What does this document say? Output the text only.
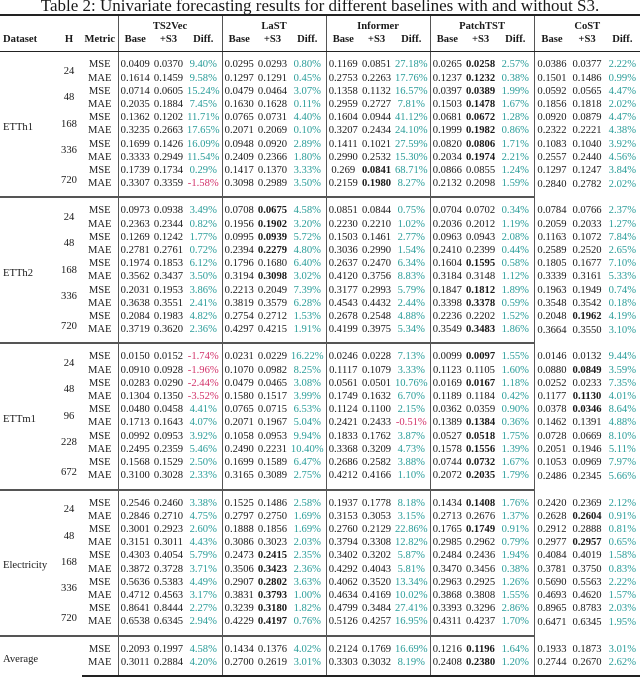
Table 2: Univariate forecasting results for different baselines with and without S3.
			TS2Vec			LaST			Informer			PatchTST			CoST		
Dataset	H	Metric	Base	+S3	Diff.	Base	+S3	Diff.	Base	+S3	Diff.	Base	+S3	Diff.	Base	+S3	Diff.
ETTh1	24	MSE	0.0409	0.0370	9.40%	0.0295	0.0293	0.80%	0.1169	0.0851	27.18%	0.0265	0.0258	2.57%	0.0386	0.0377	2.22%
		MAE	0.1614	0.1459	9.58%	0.1297	0.1291	0.45%	0.2753	0.2263	17.76%	0.1237	0.1232	0.38%	0.1501	0.1486	0.99%
	48	MSE	0.0714	0.0605	15.24%	0.0479	0.0464	3.07%	0.1358	0.1132	16.57%	0.0397	0.0389	1.99%	0.0592	0.0565	4.47%
		MAE	0.2035	0.1884	7.45%	0.1630	0.1628	0.11%	0.2959	0.2727	7.81%	0.1503	0.1478	1.67%	0.1856	0.1818	2.02%
	168	MSE	0.1362	0.1202	11.71%	0.0765	0.0731	4.40%	0.1604	0.0944	41.12%	0.0681	0.0672	1.28%	0.0920	0.0879	4.47%
		MAE	0.3235	0.2663	17.65%	0.2071	0.2069	0.10%	0.3207	0.2434	24.10%	0.1999	0.1982	0.86%	0.2322	0.2221	4.38%
	336	MSE	0.1699	0.1426	16.09%	0.0948	0.0920	2.89%	0.1411	0.1021	27.59%	0.0820	0.0806	1.71%	0.1083	0.1040	3.92%
		MAE	0.3333	0.2949	11.54%	0.2409	0.2366	1.80%	0.2990	0.2532	15.30%	0.2034	0.1974	2.21%	0.2557	0.2440	4.56%
	720	MSE	0.1739	0.1734	0.29%	0.1417	0.1370	3.33%	0.269	0.0841	68.71%	0.0866	0.0855	1.24%	0.1297	0.1247	3.84%
		MAE	0.3307	0.3359	-1.58%	0.3098	0.2989	3.50%	0.2159	0.1980	8.27%	0.2132	0.2098	1.59%	0.2840	0.2782	2.02%

ETTh2	24	MSE	0.0973	0.0938	3.49%	0.0708	0.0675	4.58%	0.0851	0.0844	0.75%	0.0704	0.0702	0.34%	0.0784	0.0766	2.37%
		MAE	0.2363	0.2344	0.82%	0.1956	0.1902	3.20%	0.2230	0.2210	1.02%	0.2036	0.2012	1.19%	0.2059	0.2033	1.27%
	48	MSE	0.1269	0.1242	1.77%	0.0995	0.0939	5.72%	0.1503	0.1461	2.77%	0.0963	0.0943	2.08%	0.1163	0.1072	7.84%
		MAE	0.2781	0.2761	0.72%	0.2394	0.2279	4.80%	0.3036	0.2990	1.54%	0.2410	0.2399	0.44%	0.2589	0.2520	2.65%
	168	MSE	0.1974	0.1853	6.12%	0.1796	0.1680	6.40%	0.2637	0.2470	6.34%	0.1604	0.1595	0.58%	0.1805	0.1677	7.10%
		MAE	0.3562	0.3437	3.50%	0.3194	0.3098	3.02%	0.4120	0.3756	8.83%	0.3184	0.3148	1.12%	0.3339	0.3161	5.33%
	336	MSE	0.2031	0.1953	3.86%	0.2213	0.2049	7.39%	0.3177	0.2993	5.79%	0.1847	0.1812	1.89%	0.1963	0.1949	0.74%
		MAE	0.3638	0.3551	2.41%	0.3819	0.3579	6.28%	0.4543	0.4432	2.44%	0.3398	0.3378	0.59%	0.3548	0.3542	0.18%
	720	MSE	0.2084	0.1983	4.82%	0.2754	0.2712	1.53%	0.2678	0.2548	4.88%	0.2236	0.2202	1.52%	0.2048	0.1962	4.19%
		MAE	0.3719	0.3620	2.36%	0.4297	0.4215	1.91%	0.4199	0.3975	5.34%	0.3549	0.3483	1.86%	0.3664	0.3550	3.10%

ETTm1	24	MSE	0.0150	0.0152	-1.74%	0.0231	0.0229	16.22%	0.0246	0.0228	7.13%	0.0099	0.0097	1.55%	0.0146	0.0132	9.44%
		MAE	0.0910	0.0928	-1.96%	0.1070	0.0982	8.25%	0.1117	0.1079	3.33%	0.1123	0.1105	1.60%	0.0880	0.0849	3.59%
	48	MSE	0.0283	0.0290	-2.44%	0.0479	0.0465	3.08%	0.0561	0.0501	10.76%	0.0169	0.0167	1.18%	0.0252	0.0233	7.35%
		MAE	0.1304	0.1350	-3.52%	0.1580	0.1517	3.99%	0.1749	0.1632	6.70%	0.1189	0.1184	0.42%	0.1177	0.1130	4.01%
	96	MSE	0.0480	0.0458	4.41%	0.0765	0.0715	6.53%	0.1124	0.1100	2.15%	0.0362	0.0359	0.90%	0.0378	0.0346	8.64%
		MAE	0.1713	0.1643	4.07%	0.2071	0.1967	5.04%	0.2421	0.2433	-0.51%	0.1389	0.1384	0.36%	0.1462	0.1391	4.88%
	228	MSE	0.0992	0.0953	3.92%	0.1058	0.0953	9.94%	0.1833	0.1762	3.87%	0.0527	0.0518	1.75%	0.0728	0.0669	8.10%
		MAE	0.2495	0.2359	5.46%	0.2490	0.2231	10.40%	0.3368	0.3209	4.73%	0.1578	0.1556	1.39%	0.2051	0.1946	5.11%
	672	MSE	0.1568	0.1529	2.50%	0.1699	0.1589	6.47%	0.2686	0.2582	3.88%	0.0744	0.0732	1.67%	0.1053	0.0969	7.97%
		MAE	0.3100	0.3028	2.33%	0.3165	0.3089	2.75%	0.4212	0.4166	1.10%	0.2072	0.2035	1.79%	0.2486	0.2345	5.66%

Electricity	24	MSE	0.2546	0.2460	3.38%	0.1525	0.1486	2.58%	0.1937	0.1778	8.18%	0.1434	0.1408	1.76%	0.2420	0.2369	2.12%
		MAE	0.2846	0.2710	4.75%	0.2797	0.2750	1.69%	0.3153	0.3053	3.15%	0.2713	0.2676	1.37%	0.2628	0.2604	0.91%
	48	MSE	0.3001	0.2923	2.60%	0.1888	0.1856	1.69%	0.2760	0.2129	22.86%	0.1765	0.1749	0.91%	0.2912	0.2888	0.81%
		MAE	0.3151	0.3011	4.43%	0.3086	0.3023	2.03%	0.3794	0.3308	12.82%	0.2985	0.2962	0.79%	0.2977	0.2957	0.65%
	168	MSE	0.4303	0.4054	5.79%	0.2473	0.2415	2.35%	0.3402	0.3202	5.87%	0.2484	0.2436	1.94%	0.4084	0.4019	1.58%
		MAE	0.3872	0.3728	3.71%	0.3506	0.3423	2.36%	0.4292	0.4043	5.81%	0.3470	0.3456	0.38%	0.3781	0.3750	0.83%
	336	MSE	0.5636	0.5383	4.49%	0.2907	0.2802	3.63%	0.4062	0.3520	13.34%	0.2963	0.2925	1.26%	0.5690	0.5563	2.22%
		MAE	0.4712	0.4563	3.17%	0.3831	0.3793	1.00%	0.4634	0.4169	10.02%	0.3868	0.3808	1.55%	0.4693	0.4620	1.57%
	720	MSE	0.8641	0.8444	2.27%	0.3239	0.3180	1.82%	0.4799	0.3484	27.41%	0.3393	0.3296	2.86%	0.8965	0.8783	2.03%
		MAE	0.6538	0.6345	2.94%	0.4229	0.4197	0.76%	0.5126	0.4257	16.95%	0.4311	0.4237	1.70%	0.6471	0.6345	1.95%

Average		MSE	0.2093	0.1997	4.58%	0.1434	0.1376	4.02%	0.2124	0.1769	16.69%	0.1216	0.1196	1.64%	0.1933	0.1873	3.01%
		MAE	0.3011	0.2884	4.20%	0.2700	0.2619	3.01%	0.3303	0.3032	8.19%	0.2408	0.2380	1.20%	0.2744	0.2670	2.62%
